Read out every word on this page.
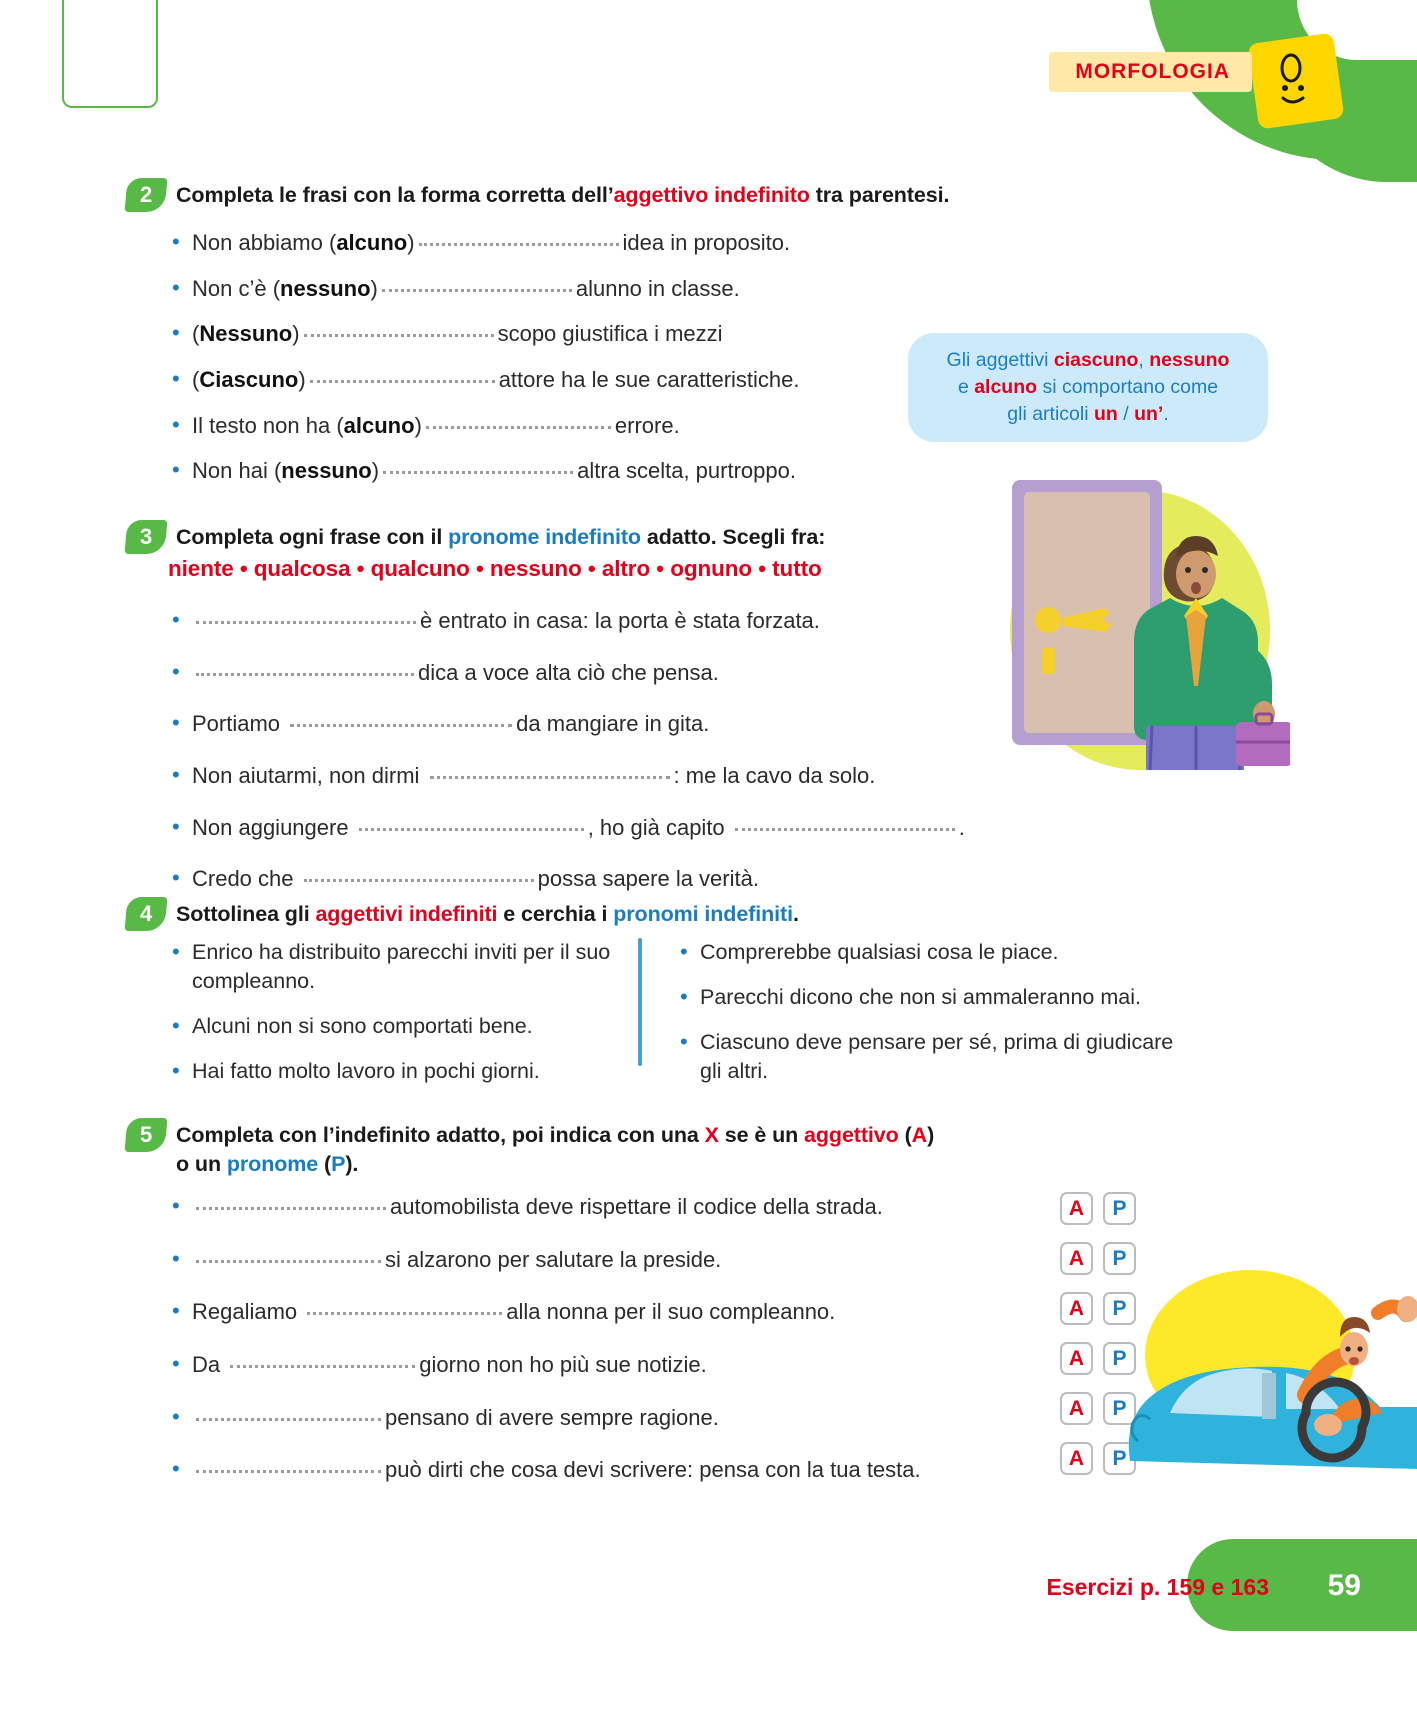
MORFOLOGIA
2 Completa le frasi con la forma corretta dell’aggettivo indefinito tra parentesi.
• Non abbiamo (alcuno)	idea in proposito.
• Non c’è (nessuno)	alunno in classe.
• (Nessuno)	scopo giustifica i mezzi
• (Ciascuno)	attore ha le sue caratteristiche.
• Il testo non ha (alcuno)	errore.
• Non hai (nessuno)	altra scelta, purtroppo.
Gli aggettivi ciascuno, nessuno
e alcuno si comportano come
gli articoli un / un’.
3 Completa ogni frase con il pronome indefinito adatto. Scegli fra:
niente • qualcosa • qualcuno • nessuno • altro • ognuno • tutto
• è entrato in casa: la porta è stata forzata.
• dica a voce alta ciò che pensa.
• Portiamo	da mangiare in gita.
• Non aiutarmi, non dirmi	: me la cavo da solo.
• Non aggiungere	, ho già capito	.
• Credo che	possa sapere la verità.
4 Sottolinea gli aggettivi indefiniti e cerchia i pronomi indefiniti.
• Enrico ha distribuito parecchi inviti per il suo compleanno.
• Alcuni non si sono comportati bene.
• Hai fatto molto lavoro in pochi giorni.
• Comprerebbe qualsiasi cosa le piace.
• Parecchi dicono che non si ammaleranno mai.
• Ciascuno deve pensare per sé, prima di giudicare gli altri.
5 Completa con l’indefinito adatto, poi indica con una X se è un aggettivo (A)
o un pronome (P).
• automobilista deve rispettare il codice della strada.
• si alzarono per salutare la preside.
• Regaliamo	alla nonna per il suo compleanno.
• Da	giorno non ho più sue notizie.
• pensano di avere sempre ragione.
• può dirti che cosa devi scrivere: pensa con la tua testa.
A	P
A	P
A	P
A	P
A	P
A	P
Esercizi p. 159 e 163 59
